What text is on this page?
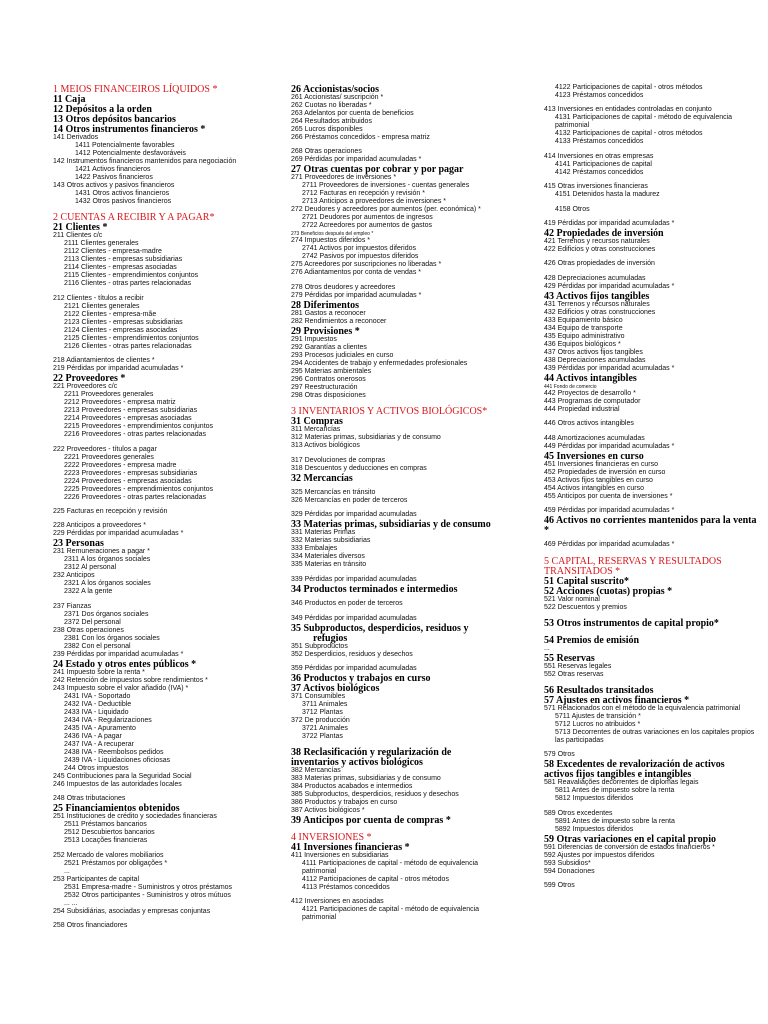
1 MEIOS FINANCEIROS LÍQUIDOS *
11 Caja
12 Depósitos a la orden
13 Otros depósitos bancarios
14 Otros instrumentos financieros *
141 Derivados
1411 Potencialmente favorables
1412 Potencialmente desfavoráveis
142 Instrumentos financieros mantenidos para negociación
1421 Activos financieros
1422 Pasivos financieros
143 Otros activos y pasivos financieros
1431 Otros activos financieros
1432 Otros pasivos financieros
2 CUENTAS A RECIBIR Y A PAGAR*
21 Clientes *
211 Clientes c/c
2111 Clientes generales
2112 Clientes - empresa-madre
2113 Clientes - empresas subsidiarias
2114 Clientes - empresas asociadas
2115 Clientes - emprendimientos conjuntos
2116 Clientes - otras partes relacionadas
212 Clientes - títulos a recibir
2121 Clientes generales
2122 Clientes - empresa-mãe
2123 Clientes - empresas subsidiarias
2124 Clientes - empresas asociadas
2125 Clientes - emprendimientos conjuntos
2126 Clientes - otras partes relacionadas
218 Adiantamientos de clientes *
219 Pérdidas por imparidad acumuladas *
22 Proveedores *
221 Proveedores c/c
2211 Proveedores generales
2212 Proveedores - empresa matriz
2213 Proveedores - empresas subsidiarias
2214 Proveedores - empresas asociadas
2215 Proveedores - emprendimientos conjuntos
2216 Proveedores - otras partes relacionadas
222 Proveedores - títulos a pagar
2221 Proveedores generales
2222 Proveedores - empresa madre
2223 Proveedores - empresas subsidiarias
2224 Proveedores - empresas asociadas
2225 Proveedores - emprendimientos conjuntos
2226 Proveedores - otras partes relacionadas
225 Facturas en recepción y revisión
228 Anticipos a proveedores *
229 Pérdidas por imparidad acumuladas *
23 Personas
231 Remuneraciones a pagar *
2311 A los órganos sociales
2312 Al personal
232 Anticipos
2321 A los órganos sociales
2322 A la gente
237 Fianzas
2371 Dos órganos sociales
2372 Del personal
238 Otras operaciones
2381 Con los órganos sociales
2382 Con el personal
239 Pérdidas por imparidad acumuladas *
24 Estado y otros entes públicos *
241 Impuesto sobre la renta *
242 Retención de impuestos sobre rendimientos *
243 Impuesto sobre el valor añadido (IVA) *
2431 IVA - Soportado
2432 IVA - Deductible
2433 IVA - Liquidado
2434 IVA - Regularizaciones
2435 IVA - Apuramento
2436 IVA - A pagar
2437 IVA - A recuperar
2438 IVA - Reembolsos pedidos
2439 IVA - Liquidaciones oficiosas
244 Otros impuestos
245 Contribuciones para la Seguridad Social
246 Impuestos de las autoridades locales
248 Otras tributaciones
25 Financiamientos obtenidos
251 Instituciones de crédito y sociedades financieras
2511 Préstamos bancarios
2512 Descubiertos bancarios
2513 Locações financieras
252 Mercado de valores mobiliarios
2521 Préstamos por obligações *
...
253 Participantes de capital
2531 Empresa-madre - Suministros y otros préstamos
2532 Otros participantes - Suministros y otros mútuos
... ...
254 Subsidiárias, asociadas y empresas conjuntas
258 Otros financiadores
26 Accionistas/socios
261 Accionistas/ suscripción *
262 Cuotas no liberadas *
263 Adelantos por cuenta de beneficios
264 Resultados atribuidos
265 Lucros disponibles
266 Préstamos concedidos - empresa matriz
268 Otras operaciones
269 Pérdidas por imparidad acumuladas *
27 Otras cuentas por cobrar y por pagar
271 Proveedores de inversiones *
2711 Proveedores de inversiones - cuentas generales
2712 Facturas en recepción y revisión *
2713 Anticipos a proveedores de inversiones *
272 Deudores y acreedores por aumentos (per. económica) *
2721 Deudores por aumentos de ingresos
2722 Acreedores por aumentos de gastos
273 Beneficios después del empleo *
274 Impuestos diferidos *
2741 Activos por impuestos diferidos
2742 Pasivos por impuestos diferidos
275 Acreedores por suscripciones no liberadas *
276 Adiantamentos por conta de vendas *
278 Otros deudores y acreedores
279 Pérdidas por imparidad acumuladas *
28 Diferimentos
281 Gastos a reconocer
282 Rendimientos a reconocer
29 Provisiones *
291 Impuestos
292 Garantías a clientes
293 Procesos judiciales en curso
294 Accidentes de trabajo y enfermedades profesionales
295 Materias ambientales
296 Contratos onerosos
297 Reestructuración
298 Otras disposiciones
3 INVENTARIOS Y ACTIVOS BIOLÓGICOS*
31 Compras
311 Mercancías
312 Materias primas, subsidiarias y de consumo
313 Activos biológicos
317 Devoluciones de compras
318 Descuentos y deducciones en compras
32 Mercancías
325 Mercancías en tránsito
326 Mercancías en poder de terceros
329 Pérdidas por imparidad acumuladas
33 Materias primas, subsidiarias y de consumo
331 Materias Primas
332 Materias subsidiarias
333 Embalajes
334 Materiales diversos
335 Materias en tránsito
339 Pérdidas por imparidad acumuladas
34 Productos terminados e intermedios
346 Productos en poder de terceros
349 Pérdidas por imparidad acumuladas
35 Subproductos, desperdicios, residuos y
refugios
351 Subproductos
352 Desperdicios, residuos y desechos
359 Pérdidas por imparidad acumuladas
36 Productos y trabajos en curso
37 Activos biológicos
371 Consumibles
3711 Animales
3712 Plantas
372 De producción
3721 Animales
3722 Plantas
38 Reclasificación y regularización de
inventarios y activos biológicos
382 Mercancías
383 Materias primas, subsidiarias y de consumo
384 Productos acabados e intermedios
385 Subproductos, desperdicios, residuos y desechos
386 Productos y trabajos en curso
387 Activos biológicos *
39 Anticipos por cuenta de compras *
4 INVERSIONES *
41 Inversiones financieras *
411 Inversiones en subsidiarias
4111 Participaciones de capital - método de equivalencia
patrimonial
4112 Participaciones de capital - otros métodos
4113 Préstamos concedidos
412 Inversiones en asociadas
4121 Participaciones de capital - método de equivalencia
patrimonial
4122 Participaciones de capital - otros métodos
4123 Préstamos concedidos
413 Inversiones en entidades controladas en conjunto
4131 Participaciones de capital - método de equivalencia
patrimonial
4132 Participaciones de capital - otros métodos
4133 Préstamos concedidos
414 Inversiones en otras empresas
4141 Participaciones de capital
4142 Préstamos concedidos
415 Otras inversiones financieras
4151 Detenidos hasta la madurez
4158 Otros
419 Pérdidas por imparidad acumuladas *
42 Propiedades de inversión
421 Terrenos y recursos naturales
422 Edificios y otras construcciones
426 Otras propiedades de inversión
428 Depreciaciones acumuladas
429 Pérdidas por imparidad acumuladas *
43 Activos fijos tangibles
431 Terrenos y recursos naturales
432 Edificios y otras construcciones
433 Equipamiento básico
434 Equipo de transporte
435 Equipo administrativo
436 Equipos biológicos *
437 Otros activos fijos tangibles
438 Depreciaciones acumuladas
439 Pérdidas por imparidad acumuladas *
44 Activos intangibles
441 Fondo de comercio
442 Proyectos de desarrollo *
443 Programas de computador
444 Propiedad industrial
446 Otros activos intangibles
448 Amortizaciones acumuladas
449 Pérdidas por imparidad acumuladas *
45 Inversiones en curso
451 Inversiones financieras en curso
452 Propiedades de inversión en curso
453 Activos fijos tangibles en curso
454 Activos intangibles en curso
455 Anticipos por cuenta de inversiones *
459 Pérdidas por imparidad acumuladas *
46 Activos no corrientes mantenidos para la venta
*
469 Pérdidas por imparidad acumuladas *
5 CAPITAL, RESERVAS Y RESULTADOS
TRANSITADOS *
51 Capital suscrito*
52 Acciones (cuotas) propias *
521 Valor nominal
522 Descuentos y premios
53 Otros instrumentos de capital propio*
54 Premios de emisión
...
55 Reservas
551 Reservas legales
552 Otras reservas
56 Resultados transitados
57 Ajustes en activos financieros *
571 Relacionados con el método de la equivalencia patrimonial
5711 Ajustes de transición *
5712 Lucros no atribuidos *
5713 Decorrentes de outras variaciones en los capitales propios
las participadas
579 Otros
58 Excedentes de revalorización de activos
activos fijos tangibles e intangibles
581 Reavaliações decorrentes de diplomas legais
5811 Antes de impuesto sobre la renta
5812 Impuestos diferidos
589 Otros excedentes
5891 Antes de impuesto sobre la renta
5892 Impuestos diferidos
59 Otras variaciones en el capital propio
591 Diferencias de conversión de estados financieros *
592 Ajustes por impuestos diferidos
593 Subsidios*
594 Donaciones
599 Otros
